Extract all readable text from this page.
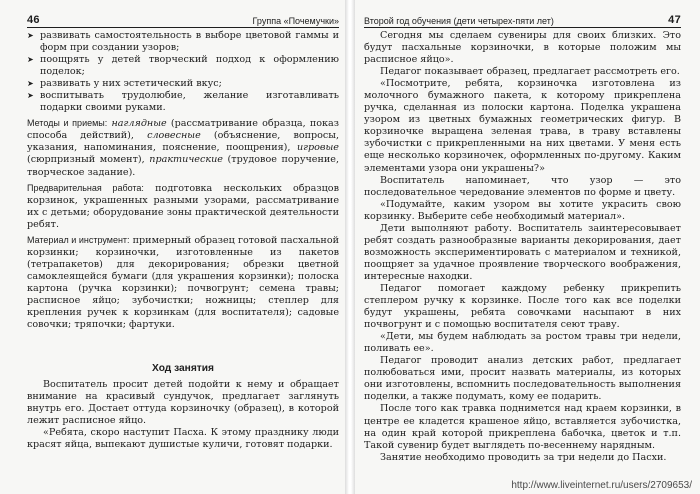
46	Группа «Почемучки»
➤ развивать самостоятельность в выборе цветовой гаммы и форм при создании узоров;
➤ поощрять у детей творческий подход к оформлению поделок;
➤ развивать у них эстетический вкус;
➤ воспитывать трудолюбие, желание изготавливать подарки своими руками.

Методы и приемы: наглядные (рассматривание образца, показ способа действий), словесные (объяснение, вопросы, указания, напоминания, пояснение, поощрения), игровые (сюрпризный момент), практические (трудовое поручение, творческое задание).

Предварительная работа: подготовка нескольких образцов корзинок, украшенных разными узорами, рассматривание их с детьми; оборудование зоны практической деятельности ребят.

Материал и инструмент: примерный образец готовой пасхальной корзинки; корзиночки, изготовленные из пакетов (тетрапакетов) для декорирования; обрезки цветной самоклеящейся бумаги (для украшения корзинки); полоска картона (ручка корзинки); почвогрунт; семена травы; расписное яйцо; зубочистки; ножницы; степлер для крепления ручек к корзинкам (для воспитателя); садовые совочки; тряпочки; фартуки.

Ход занятия

Воспитатель просит детей подойти к нему и обращает внимание на красивый сундучок, предлагает заглянуть внутрь его. Достает оттуда корзиночку (образец), в которой лежит расписное яйцо.

«Ребята, скоро наступит Пасха. К этому празднику люди красят яйца, выпекают душистые куличи, готовят подарки.

Второй год обучения (дети четырех-пяти лет)	47

Сегодня мы сделаем сувениры для своих близких. Это будут пасхальные корзиночки, в которые положим мы расписное яйцо».

Педагог показывает образец, предлагает рассмотреть его.

«Посмотрите, ребята, корзиночка изготовлена из молочного бумажного пакета, к которому прикреплена ручка, сделанная из полоски картона. Поделка украшена узором из цветных бумажных геометрических фигур. В корзиночке выращена зеленая трава, в траву вставлены зубочистки с прикрепленными на них цветами. У меня есть еще несколько корзиночек, оформленных по-другому. Каким элементами узора они украшены?»

Воспитатель напоминает, что узор — это последовательное чередование элементов по форме и цвету.

«Подумайте, каким узором вы хотите украсить свою корзинку. Выберите себе необходимый материал».

Дети выполняют работу. Воспитатель заинтересовывает ребят создать разнообразные варианты декорирования, дает возможность экспериментировать с материалом и техникой, поощряет за удачное проявление творческого воображения, интересные находки.

Педагог помогает каждому ребенку прикрепить степлером ручку к корзинке. После того как все поделки будут украшены, ребята совочками насыпают в них почвогрунт и с помощью воспитателя сеют траву.

«Дети, мы будем наблюдать за ростом травы три недели, поливать ее».

Педагог проводит анализ детских работ, предлагает полюбоваться ими, просит назвать материалы, из которых они изготовлены, вспомнить последовательность выполнения поделки, а также подумать, кому ее подарить.

После того как травка поднимется над краем корзинки, в центре ее кладется крашеное яйцо, вставляется зубочистка, на один край которой прикреплена бабочка, цветок и т.п. Такой сувенир будет выглядеть по-весеннему нарядным.

Занятие необходимо проводить за три недели до Пасхи.

http://www.liveinternet.ru/users/2709653/
